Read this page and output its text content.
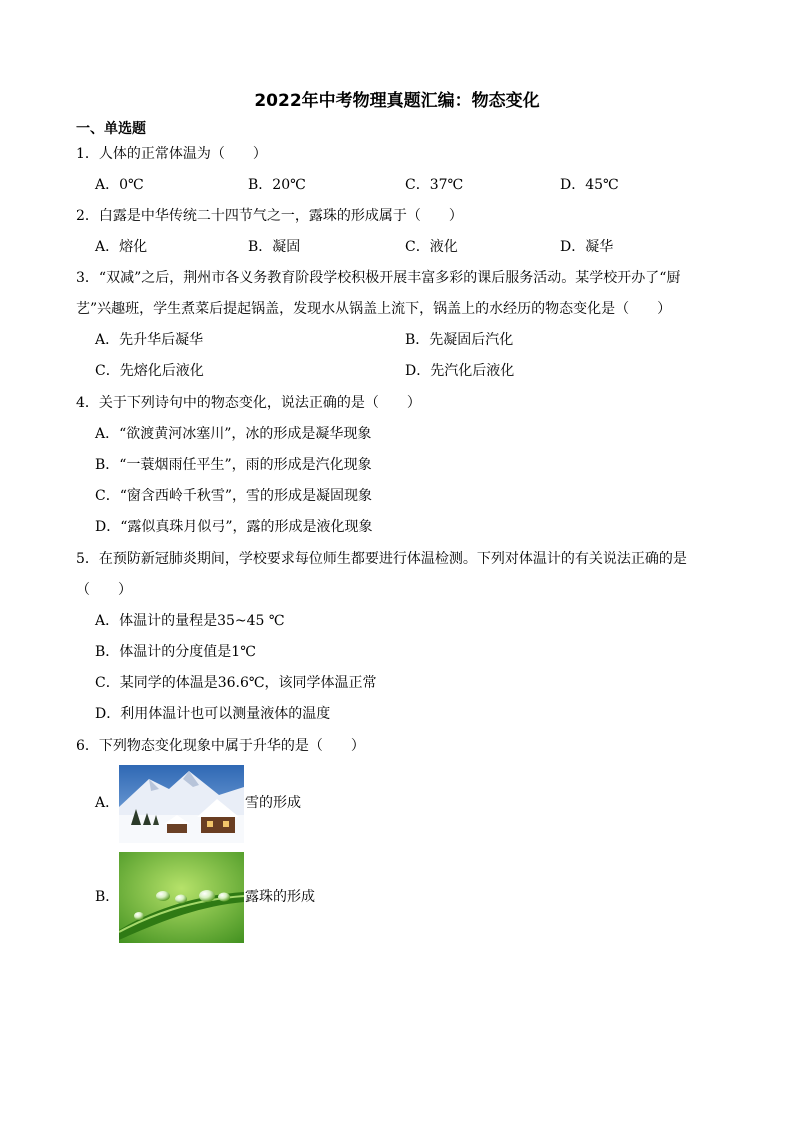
2022年中考物理真题汇编：物态变化
一、单选题
1．人体的正常体温为（　　）
A．0℃	B．20℃	C．37℃	D．45℃
2．白露是中华传统二十四节气之一，露珠的形成属于（　　）
A．熔化	B．凝固	C．液化	D．凝华
3．“双减”之后，荆州市各义务教育阶段学校积极开展丰富多彩的课后服务活动。某学校开办了“厨
艺”兴趣班，学生煮菜后提起锅盖，发现水从锅盖上流下，锅盖上的水经历的物态变化是（　　）
A．先升华后凝华	B．先凝固后汽化
C．先熔化后液化	D．先汽化后液化
4．关于下列诗句中的物态变化，说法正确的是（　　）
A．“欲渡黄河冰塞川”，冰的形成是凝华现象
B．“一蓑烟雨任平生”，雨的形成是汽化现象
C．“窗含西岭千秋雪”，雪的形成是凝固现象
D．“露似真珠月似弓”，露的形成是液化现象
5．在预防新冠肺炎期间，学校要求每位师生都要进行体温检测。下列对体温计的有关说法正确的是
（　　）
A．体温计的量程是35~45 ℃
B．体温计的分度值是1℃
C．某同学的体温是36.6℃，该同学体温正常
D．利用体温计也可以测量液体的温度
6．下列物态变化现象中属于升华的是（　　）
A．	雪的形成
B．	露珠的形成
